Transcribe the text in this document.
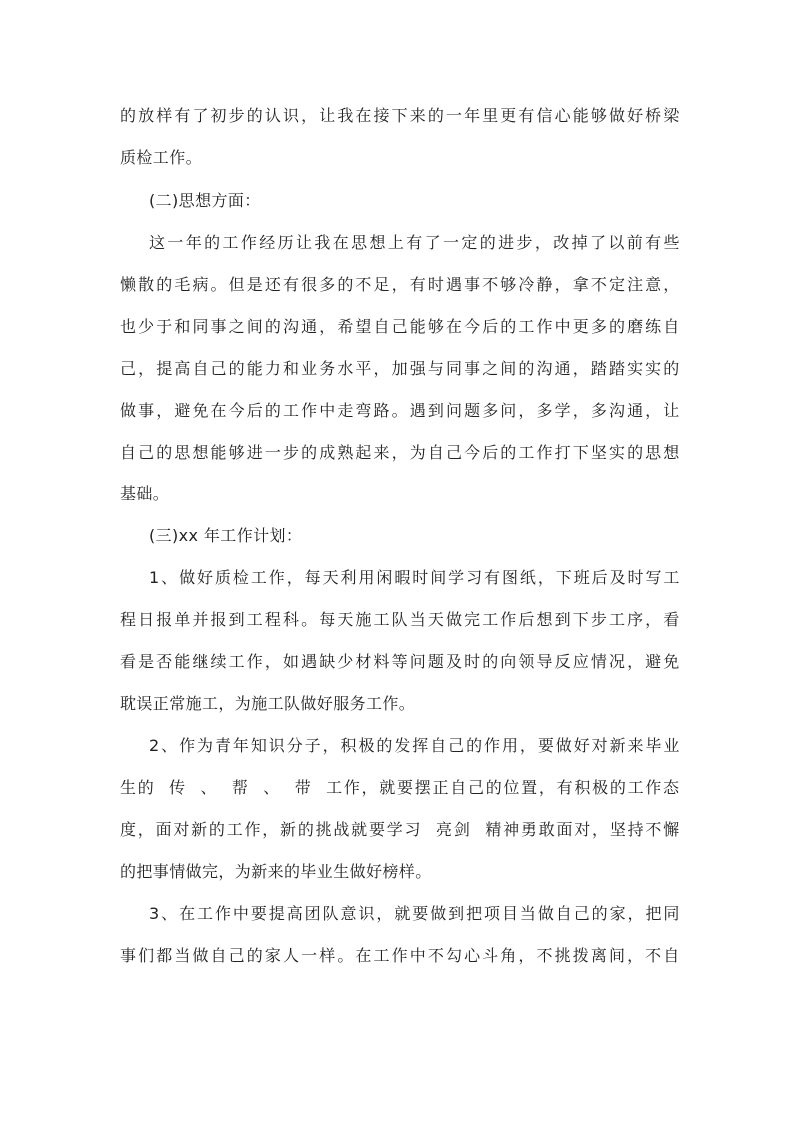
的 放 样 有 了 初 步 的 认 识 ， 让 我 在 接 下 来 的 一 年 里 更 有 信 心 能 够 做 好 桥 梁
质检工作。
(二)思想方面：
这 一 年 的 工 作 经 历 让 我 在 思 想 上 有 了 一 定 的 进 步 ， 改 掉 了 以 前 有 些
懒 散 的 毛 病 。 但 是 还 有 很 多 的 不 足 ， 有 时 遇 事 不 够 冷 静 ， 拿 不 定 注 意 ，
也 少 于 和 同 事 之 间 的 沟 通 ， 希 望 自 己 能 够 在 今 后 的 工 作 中 更 多 的 磨 练 自
己 ， 提 高 自 己 的 能 力 和 业 务 水 平 ， 加 强 与 同 事 之 间 的 沟 通 ， 踏 踏 实 实 的
做 事 ， 避 免 在 今 后 的 工 作 中 走 弯 路 。 遇 到 问 题 多 问 ， 多 学 ， 多 沟 通 ， 让
自 己 的 思 想 能 够 进 一 步 的 成 熟 起 来 ， 为 自 己 今 后 的 工 作 打 下 坚 实 的 思 想
基础。
(三)xx 年工作计划：
1 、 做 好 质 检 工 作 ， 每 天 利 用 闲 暇 时 间 学 习 有 图 纸 ， 下 班 后 及 时 写 工
程 日 报 单 并 报 到 工 程 科 。 每 天 施 工 队 当 天 做 完 工 作 后 想 到 下 步 工 序 ， 看
看 是 否 能 继 续 工 作 ， 如 遇 缺 少 材 料 等 问 题 及 时 的 向 领 导 反 应 情 况 ， 避 免
耽误正常施工，为施工队做好服务工作。
2 、 作 为 青 年 知 识 分 子 ， 积 极 的 发 挥 自 己 的 作 用 ， 要 做 好 对 新 来 毕 业
生 的

传

、

帮

、

带

工 作 ， 就 要 摆 正 自 己 的 位 置 ， 有 积 极 的 工 作 态
度 ， 面 对 新 的 工 作 ， 新 的 挑 战 就 要 学 习

亮 剑

精 神 勇 敢 面 对 ， 坚 持 不 懈
的把事情做完，为新来的毕业生做好榜样。
3 、 在 工 作 中 要 提 高 团 队 意 识 ， 就 要 做 到 把 项 目 当 做 自 己 的 家 ， 把 同
事 们 都 当 做 自 己 的 家 人 一 样 。 在 工 作 中 不 勾 心 斗 角 ， 不 挑 拨 离 间 ， 不 自
